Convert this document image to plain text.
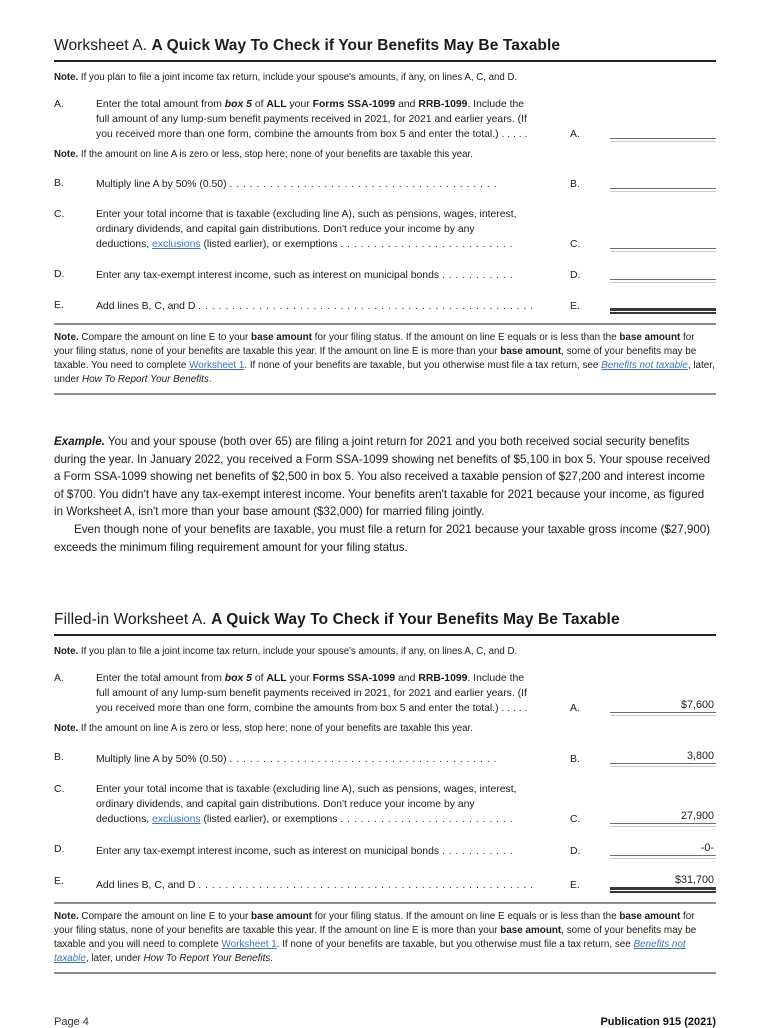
Worksheet A. A Quick Way To Check if Your Benefits May Be Taxable
Note. If you plan to file a joint income tax return, include your spouse's amounts, if any, on lines A, C, and D.
A.	Enter the total amount from box 5 of ALL your Forms SSA-1099 and RRB-1099. Include the
full amount of any lump-sum benefit payments received in 2021, for 2021 and earlier years. (If
you received more than one form, combine the amounts from box 5 and enter the total.) . . . . .	A.
Note. If the amount on line A is zero or less, stop here; none of your benefits are taxable this year.
B.	Multiply line A by 50% (0.50) . . . . . . . . . . . . . . . . . . . . . . . . . . . . . . . . . . . . . . . .	B.
C.	Enter your total income that is taxable (excluding line A), such as pensions, wages, interest,
ordinary dividends, and capital gain distributions. Don't reduce your income by any
deductions, exclusions (listed earlier), or exemptions . . . . . . . . . . . . . . . . . . . . . . . . . .	C.
D.	Enter any tax-exempt interest income, such as interest on municipal bonds . . . . . . . . . . .	D.
E.	Add lines B, C, and D . . . . . . . . . . . . . . . . . . . . . . . . . . . . . . . . . . . . . . . . . . . . . . . . . .	E.
Note. Compare the amount on line E to your base amount for your filing status. If the amount on line E equals or is less than the base amount for your filing status, none of your benefits are taxable this year. If the amount on line E is more than your base amount, some of your benefits may be taxable. You need to complete Worksheet 1. If none of your benefits are taxable, but you otherwise must file a tax return, see Benefits not taxable, later, under How To Report Your Benefits.

Example. You and your spouse (both over 65) are filing a joint return for 2021 and you both received social security benefits during the year. In January 2022, you received a Form SSA-1099 showing net benefits of $5,100 in box 5. Your spouse received a Form SSA-1099 showing net benefits of $2,500 in box 5. You also received a taxable pension of $27,200 and interest income of $700. You didn't have any tax-exempt interest income. Your benefits aren't taxable for 2021 because your income, as figured in Worksheet A, isn't more than your base amount ($32,000) for married filing jointly.

Even though none of your benefits are taxable, you must file a return for 2021 because your taxable gross income ($27,900) exceeds the minimum filing requirement amount for your filing status.

Filled-in Worksheet A. A Quick Way To Check if Your Benefits May Be Taxable
Note. If you plan to file a joint income tax return, include your spouse's amounts, if any, on lines A, C, and D.
A.	Enter the total amount from box 5 of ALL your Forms SSA-1099 and RRB-1099. Include the
full amount of any lump-sum benefit payments received in 2021, for 2021 and earlier years. (If
you received more than one form, combine the amounts from box 5 and enter the total.) . . . . .	A.	$7,600
Note. If the amount on line A is zero or less, stop here; none of your benefits are taxable this year.
B.	Multiply line A by 50% (0.50) . . . . . . . . . . . . . . . . . . . . . . . . . . . . . . . . . . . . . . . .	B.	3,800
C.	Enter your total income that is taxable (excluding line A), such as pensions, wages, interest,
ordinary dividends, and capital gain distributions. Don't reduce your income by any
deductions, exclusions (listed earlier), or exemptions . . . . . . . . . . . . . . . . . . . . . . . . . .	C.	27,900
D.	Enter any tax-exempt interest income, such as interest on municipal bonds . . . . . . . . . . .	D.	-0-
E.	Add lines B, C, and D . . . . . . . . . . . . . . . . . . . . . . . . . . . . . . . . . . . . . . . . . . . . . . . . . .	E.	$31,700
Note. Compare the amount on line E to your base amount for your filing status. If the amount on line E equals or is less than the base amount for your filing status, none of your benefits are taxable this year. If the amount on line E is more than your base amount, some of your benefits may be taxable and you will need to complete Worksheet 1. If none of your benefits are taxable, but you otherwise must file a tax return, see Benefits not taxable, later, under How To Report Your Benefits.
Page 4	Publication 915 (2021)
